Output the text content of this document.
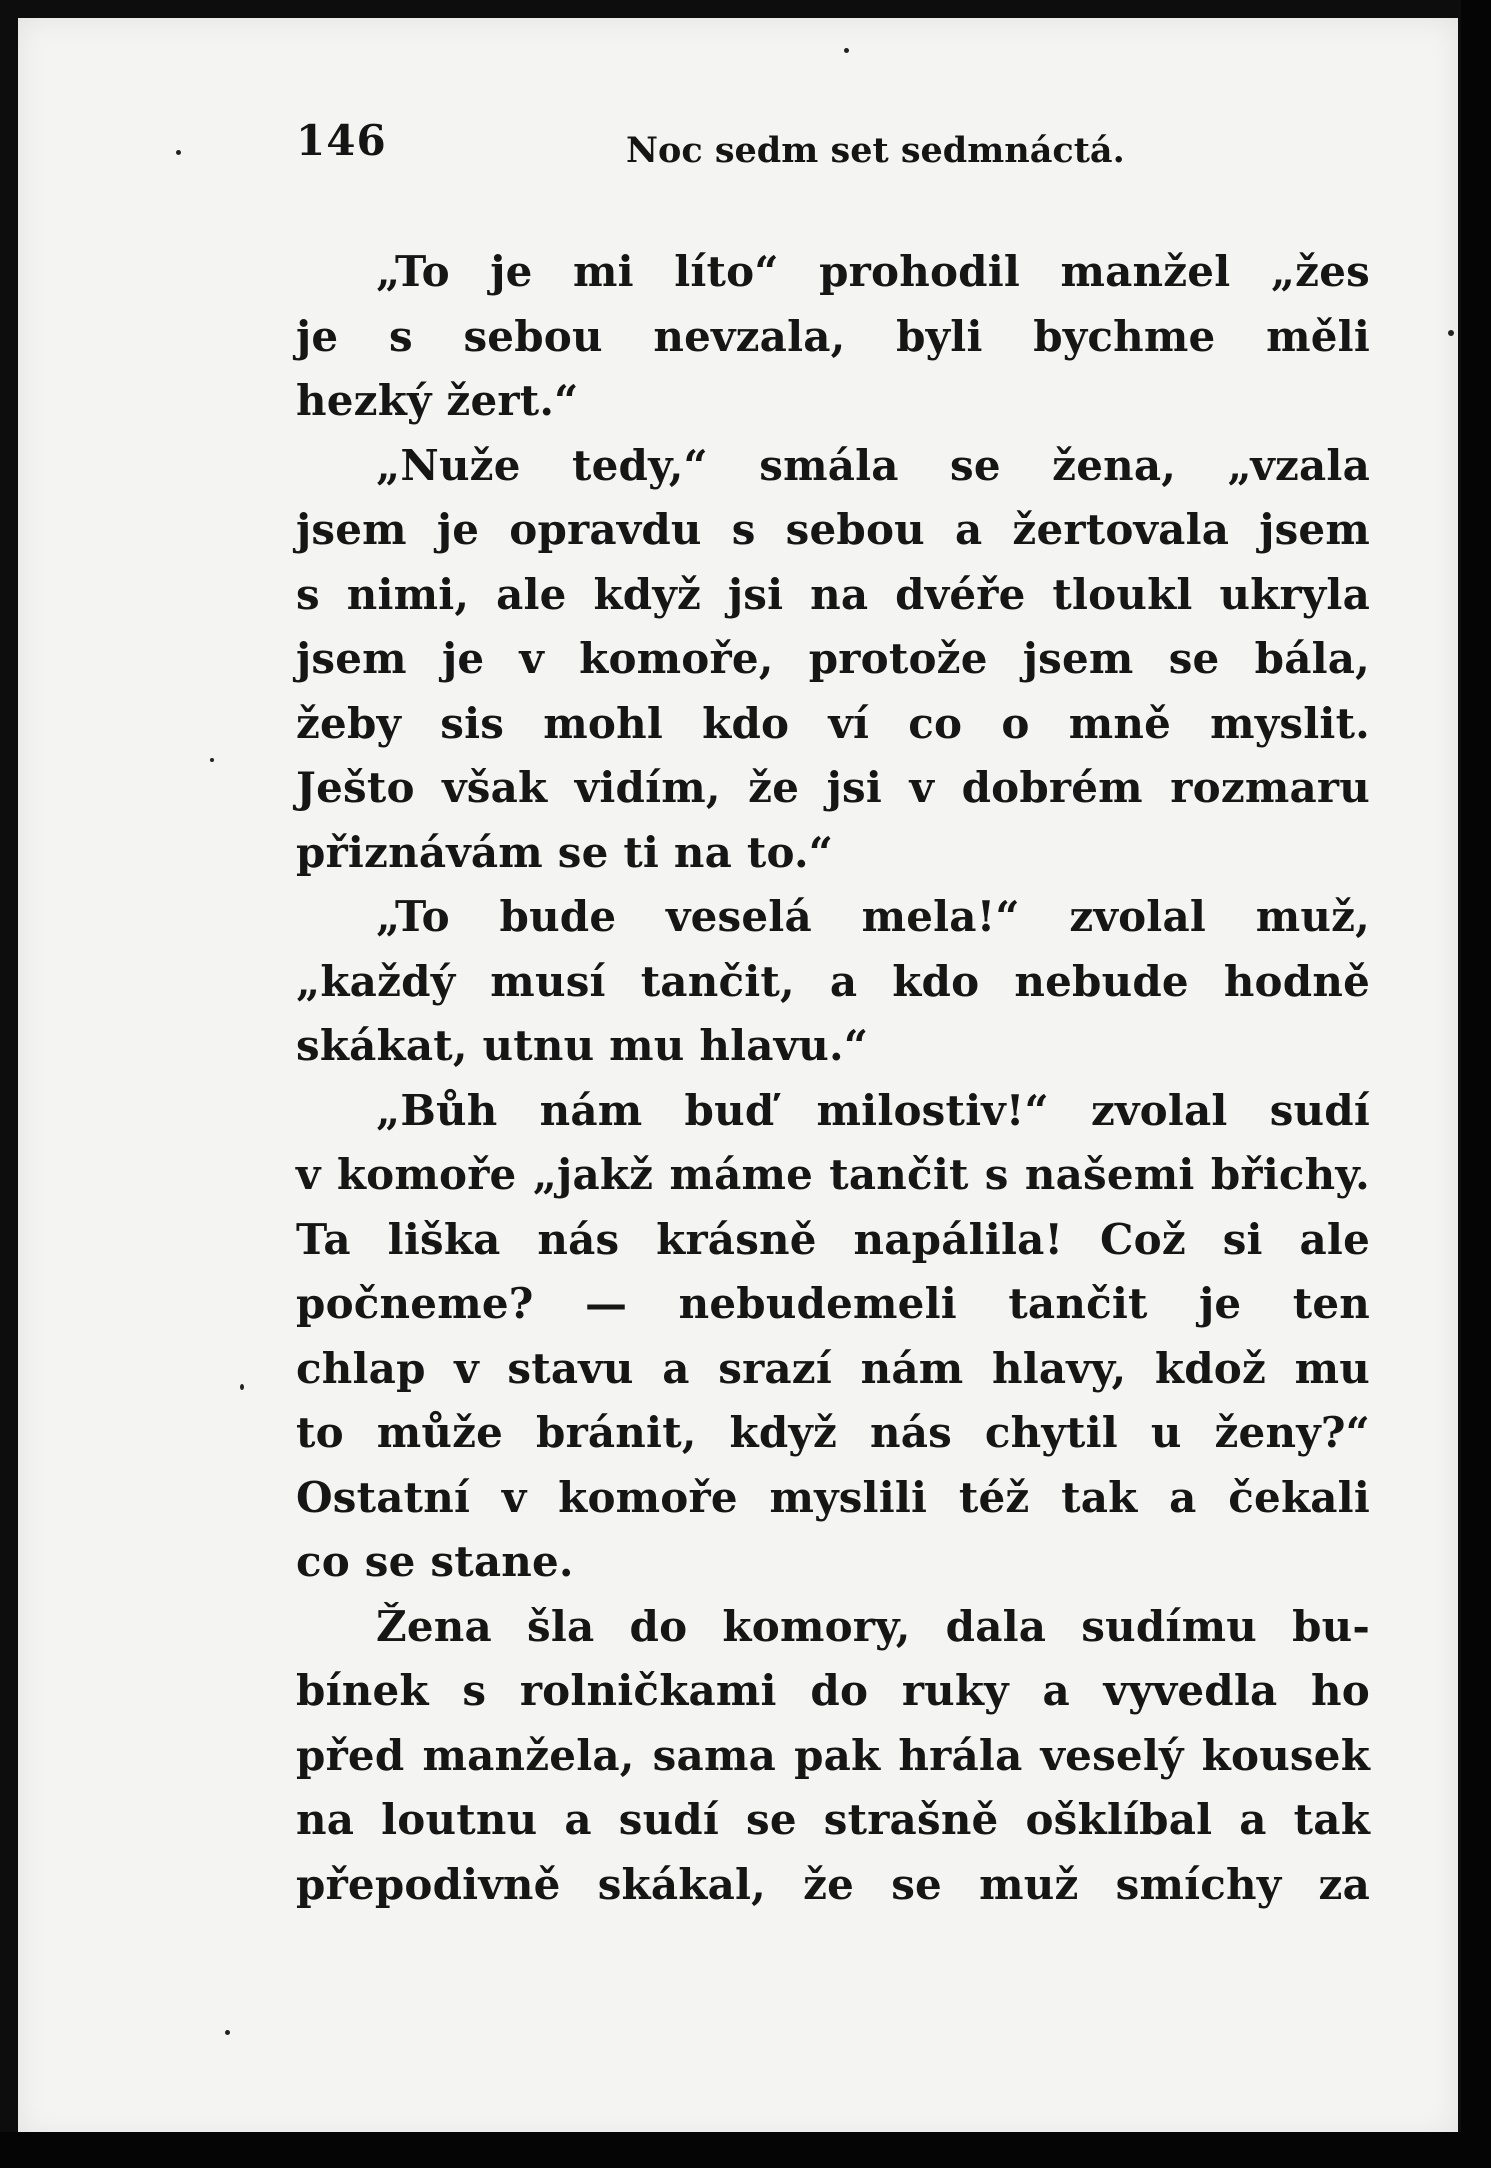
146	Noc sedm set sedmnáctá.
„To je mi líto“ prohodil manžel „žes
je s sebou nevzala, byli bychme měli
hezký žert.“
„Nuže tedy,“ smála se žena, „vzala
jsem je opravdu s sebou a žertovala jsem
s nimi, ale když jsi na dvéře tloukl ukryla
jsem je v komoře, protože jsem se bála,
žeby sis mohl kdo ví co o mně myslit.
Ješto však vidím, že jsi v dobrém rozmaru
přiznávám se ti na to.“
„To bude veselá mela!“ zvolal muž,
„každý musí tančit, a kdo nebude hodně
skákat, utnu mu hlavu.“
„Bůh nám buď milostiv!“ zvolal sudí
v komoře „jakž máme tančit s našemi břichy.
Ta liška nás krásně napálila! Což si ale
počneme? — nebudemeli tančit je ten
chlap v stavu a srazí nám hlavy, kdož mu
to může bránit, když nás chytil u ženy?“
Ostatní v komoře myslili též tak a čekali
co se stane.
Žena šla do komory, dala sudímu bu-
bínek s rolničkami do ruky a vyvedla ho
před manžela, sama pak hrála veselý kousek
na loutnu a sudí se strašně ošklíbal a tak
přepodivně skákal, že se muž smíchy za
